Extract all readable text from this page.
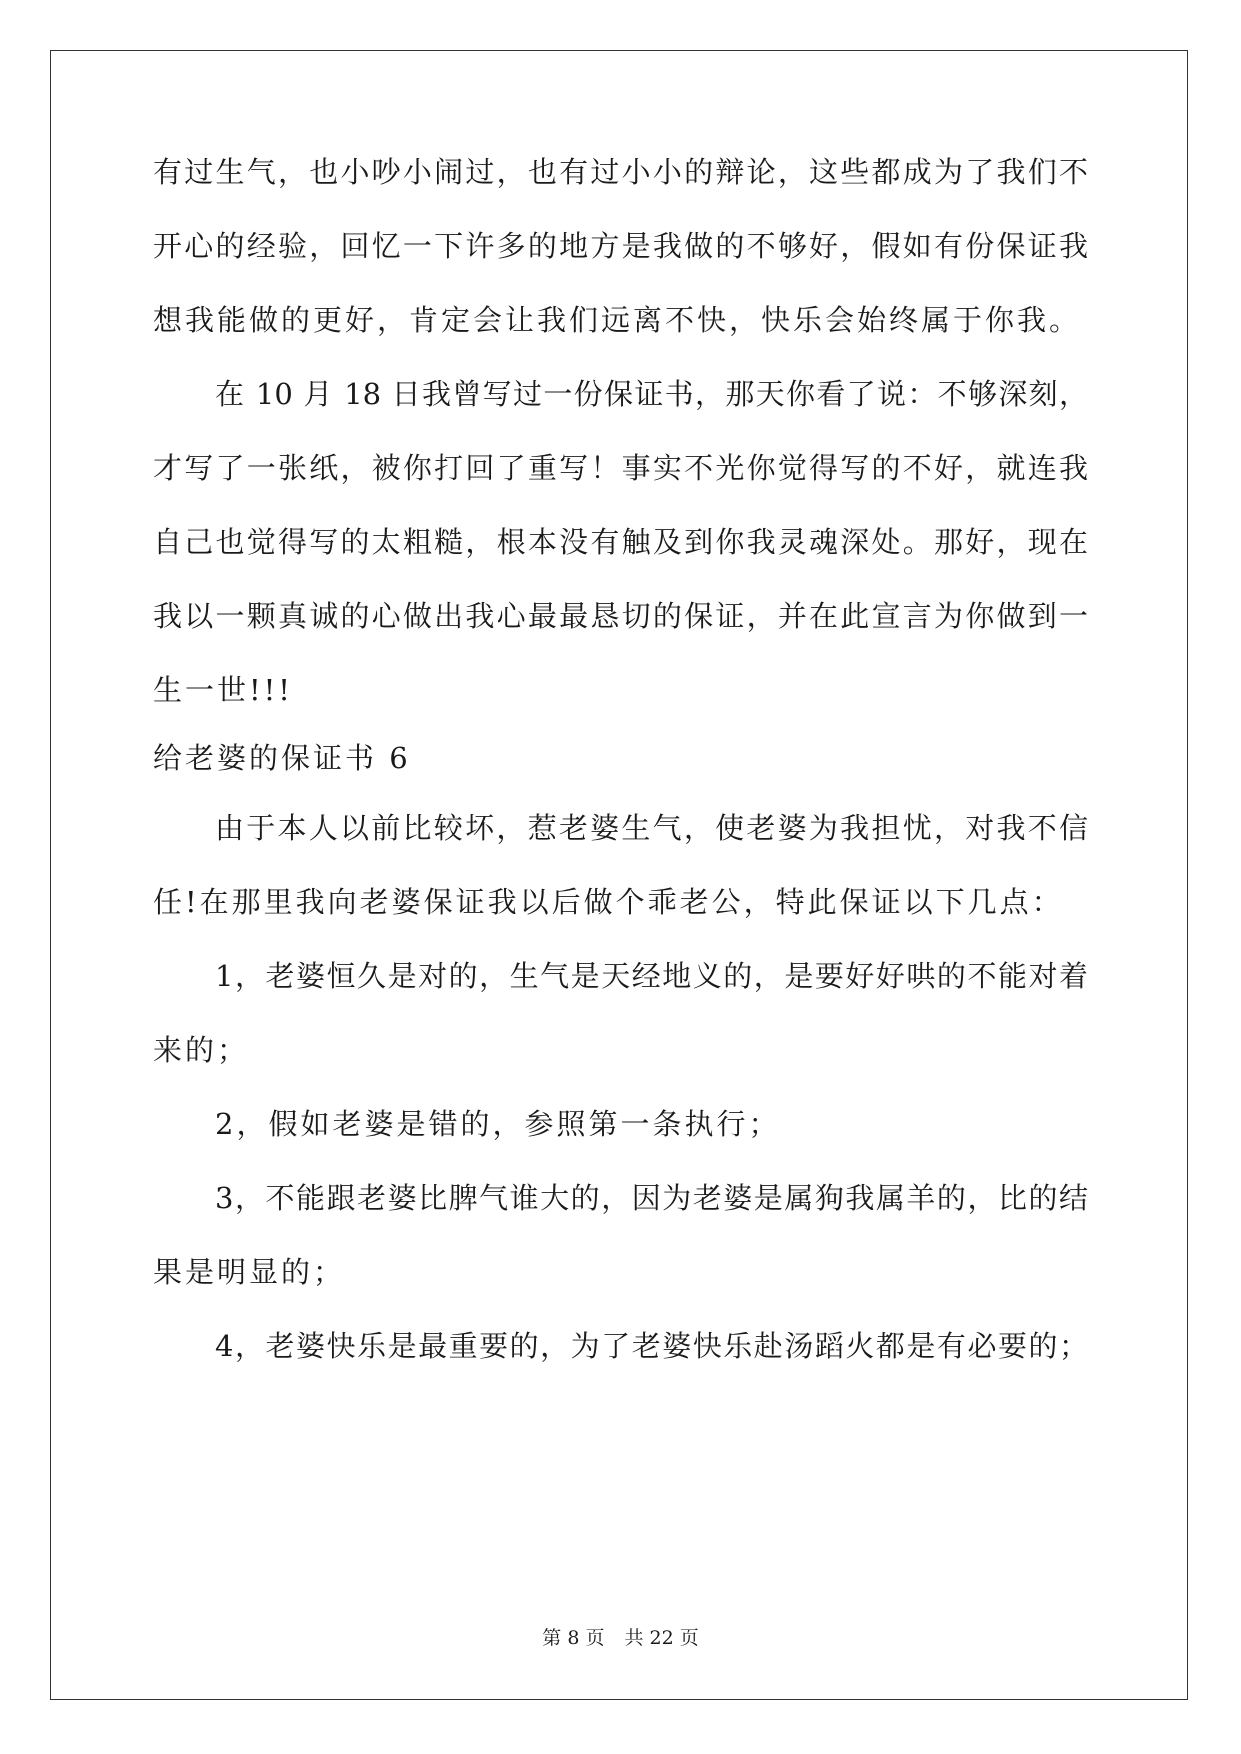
有过生气，也小吵小闹过，也有过小小的辩论，这些都成为了我们不
开心的经验，回忆一下许多的地方是我做的不够好，假如有份保证我
想我能做的更好，肯定会让我们远离不快，快乐会始终属于你我。
在 10 月 18 日我曾写过一份保证书，那天你看了说：不够深刻，
才写了一张纸，被你打回了重写！事实不光你觉得写的不好，就连我
自己也觉得写的太粗糙，根本没有触及到你我灵魂深处。那好，现在
我以一颗真诚的心做出我心最最恳切的保证，并在此宣言为你做到一
生一世!!!
给老婆的保证书 6
由于本人以前比较坏，惹老婆生气，使老婆为我担忧，对我不信
任!在那里我向老婆保证我以后做个乖老公，特此保证以下几点：
1，老婆恒久是对的，生气是天经地义的，是要好好哄的不能对着
来的；
2，假如老婆是错的，参照第一条执行；
3，不能跟老婆比脾气谁大的，因为老婆是属狗我属羊的，比的结
果是明显的；
4，老婆快乐是最重要的，为了老婆快乐赴汤蹈火都是有必要的；
第 8 页 共 22 页
